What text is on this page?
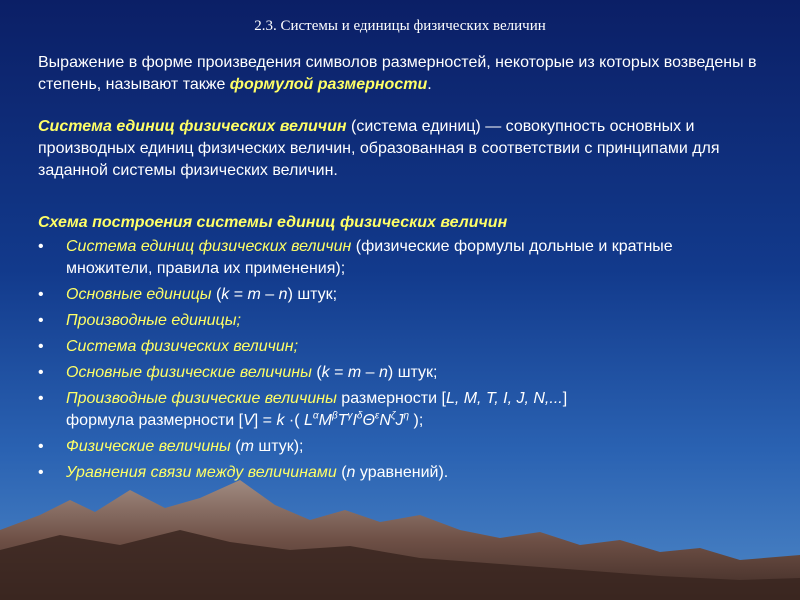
2.3. Системы и единицы физических величин

Выражение в форме произведения символов размерностей, некоторые из которых возведены в степень, называют также формулой размерности.

Система единиц физических величин (система единиц) — совокупность основных и производных единиц физических величин, образованная в соответствии с принципами для заданной системы физических величин.

Схема построения системы единиц физических величин
• Система единиц физических величин (физические формулы дольные и кратные множители, правила их применения);
• Основные единицы (k = m – n) штук;
• Производные единицы;
• Система физических величин;
• Основные физические величины (k = m – n) штук;
• Производные физические величины размерности [L, M, T, I, J, N,...]
формула размерности [V] = k ·( $L^\alpha M^\beta T^\gamma I^\delta\Theta^\varepsilon N^\zeta J^\eta$ );
• Физические величины (m штук);
• Уравнения связи между величинами (n уравнений).
